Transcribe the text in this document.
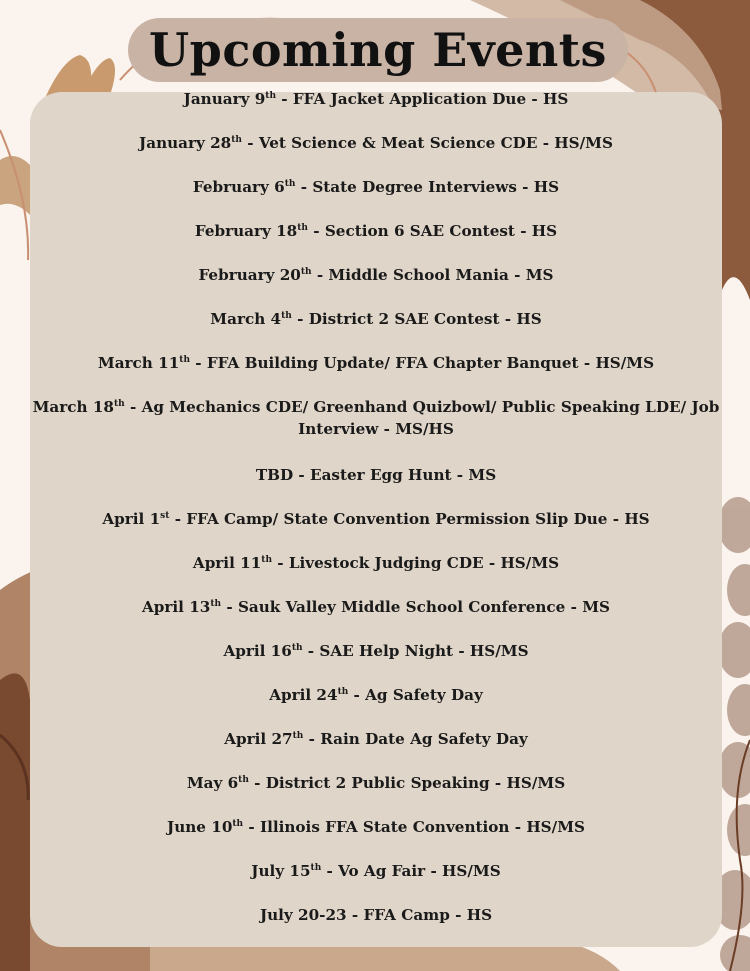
Upcoming Events

January 9th - FFA Jacket Application Due - HS

January 28th - Vet Science & Meat Science CDE - HS/MS

February 6th - State Degree Interviews - HS

February 18th - Section 6 SAE Contest - HS

February 20th - Middle School Mania - MS

March 4th - District 2 SAE Contest - HS

March 11th - FFA Building Update/ FFA Chapter Banquet - HS/MS

March 18th - Ag Mechanics CDE/ Greenhand Quizbowl/ Public Speaking LDE/ Job Interview - MS/HS

TBD - Easter Egg Hunt - MS

April 1st - FFA Camp/ State Convention Permission Slip Due - HS

April 11th - Livestock Judging CDE - HS/MS

April 13th - Sauk Valley Middle School Conference - MS

April 16th - SAE Help Night - HS/MS

April 24th - Ag Safety Day

April 27th - Rain Date Ag Safety Day

May 6th - District 2 Public Speaking - HS/MS

June 10th - Illinois FFA State Convention - HS/MS

July 15th - Vo Ag Fair - HS/MS

July 20-23 - FFA Camp - HS
